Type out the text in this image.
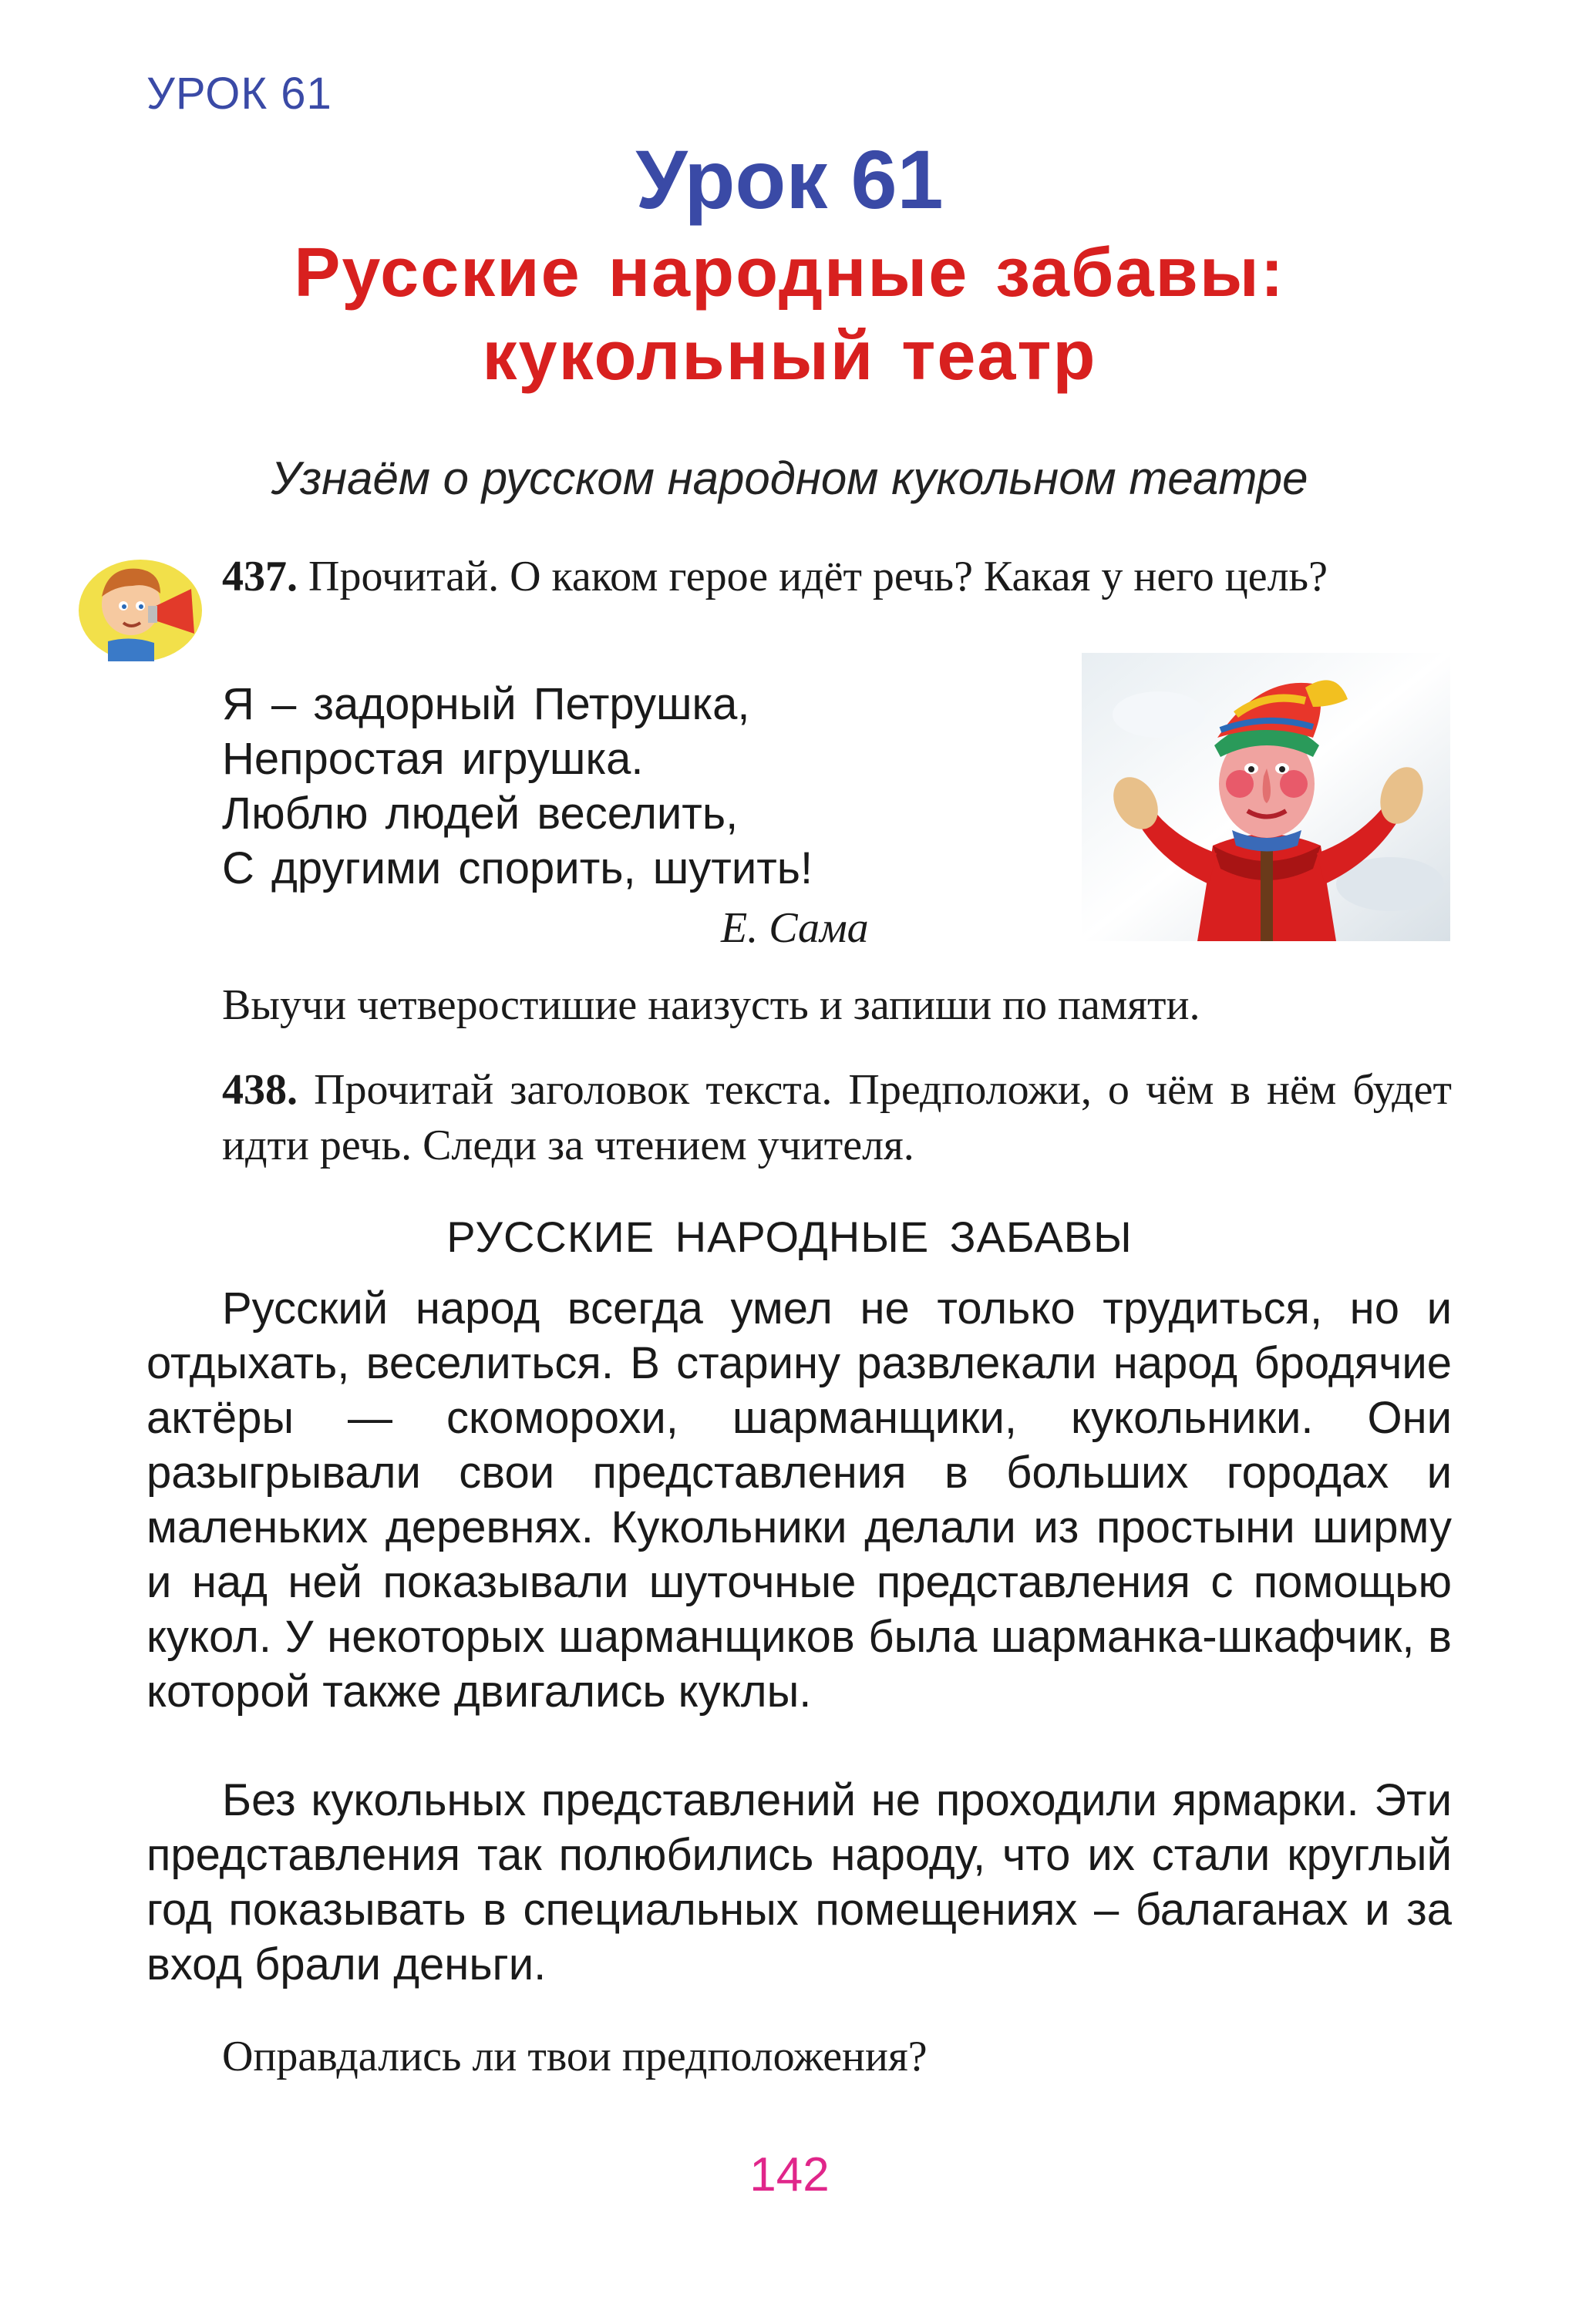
УРОК 61
Урок 61
Русские народные забавы:
кукольный театр
Узнаём о русском народном кукольном театре
437. Прочитай. О каком герое идёт речь? Какая у него цель?
Я – задорный Петрушка,
Непростая игрушка.
Люблю людей веселить,
С другими спорить, шутить!
Е. Сама
Выучи четверостишие наизусть и запиши по памяти.
438. Прочитай заголовок текста. Предположи, о чём в нём будет идти речь. Следи за чтением учителя.
РУССКИЕ НАРОДНЫЕ ЗАБАВЫ
Русский народ всегда умел не только трудиться, но и отдыхать, веселиться. В старину развлекали народ бродячие актёры — скоморохи, шарманщики, кукольники. Они разыгрывали свои представления в больших городах и маленьких деревнях. Кукольники делали из простыни ширму и над ней показывали шуточные представления с помощью кукол. У некоторых шарманщиков была шарманка-шкафчик, в которой также двигались куклы.
Без кукольных представлений не проходили ярмарки. Эти представления так полюбились народу, что их стали круглый год показывать в специальных помещениях – балаганах и за вход брали деньги.
Оправдались ли твои предположения?
142
